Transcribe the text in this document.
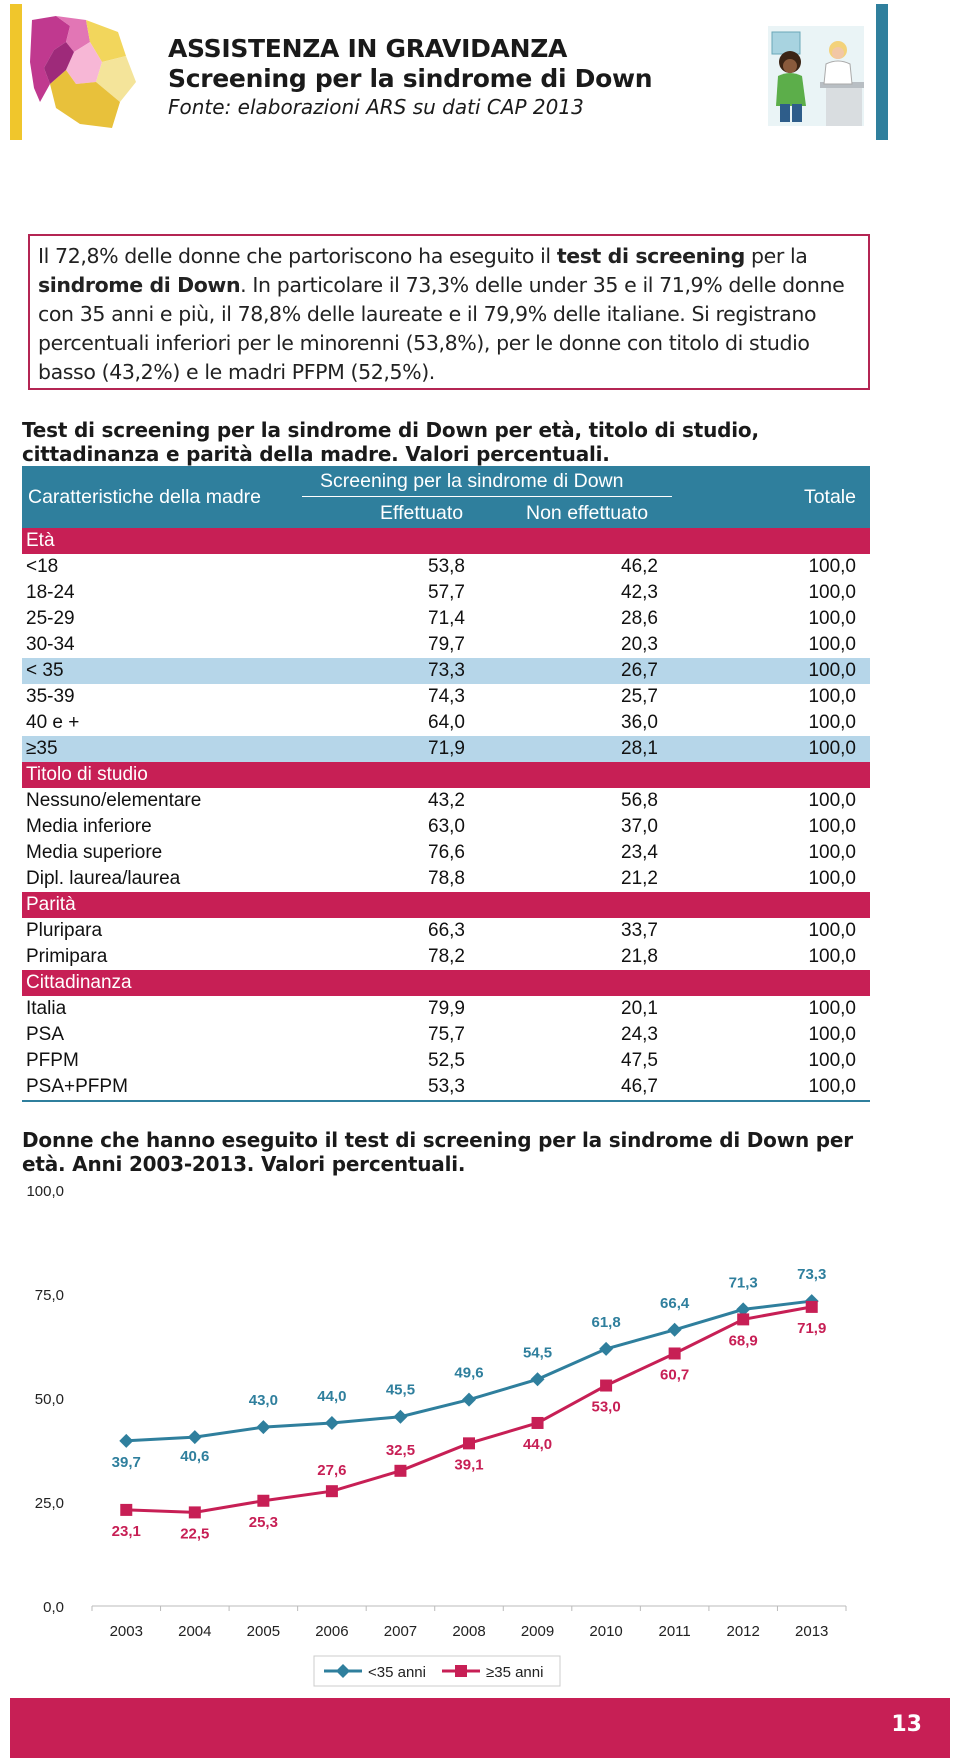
ASSISTENZA IN GRAVIDANZA
Screening per la sindrome di Down
Fonte: elaborazioni ARS su dati CAP 2013
Il 72,8% delle donne che partoriscono ha eseguito il test di screening per la sindrome di Down. In particolare il 73,3% delle under 35 e il 71,9% delle donne con 35 anni e più, il 78,8% delle laureate e il 79,9% delle italiane. Si registrano percentuali inferiori per le minorenni (53,8%), per le donne con titolo di studio basso (43,2%) e le madri PFPM (52,5%).
Test di screening per la sindrome di Down per età, titolo di studio, cittadinanza e parità della madre. Valori percentuali.
Caratteristiche della madre
Screening per la sindrome di Down
Effettuato	Non effettuato
Totale
Età
<18	53,8	46,2	100,0
18-24	57,7	42,3	100,0
25-29	71,4	28,6	100,0
30-34	79,7	20,3	100,0
< 35	73,3	26,7	100,0
35-39	74,3	25,7	100,0
40 e +	64,0	36,0	100,0
≥35	71,9	28,1	100,0
Titolo di studio
Nessuno/elementare	43,2	56,8	100,0
Media inferiore	63,0	37,0	100,0
Media superiore	76,6	23,4	100,0
Dipl. laurea/laurea	78,8	21,2	100,0
Parità
Pluripara	66,3	33,7	100,0
Primipara	78,2	21,8	100,0
Cittadinanza
Italia	79,9	20,1	100,0
PSA	75,7	24,3	100,0
PFPM	52,5	47,5	100,0
PSA+PFPM	53,3	46,7	100,0
Donne che hanno eseguito il test di screening per la sindrome di Down per età. Anni 2003-2013. Valori percentuali.
0,0
25,0
50,0
75,0
100,0
2003 2004 2005 2006 2007 2008 2009 2010 2011 2012 2013
39,7	40,6
43,0	44,0	45,5
49,6
54,5
61,8
66,4
71,3	73,3
23,1	22,5
25,3
27,6
32,5
39,1
44,0
53,0
60,7
68,9
71,9
<35 anni	≥35 anni
13
